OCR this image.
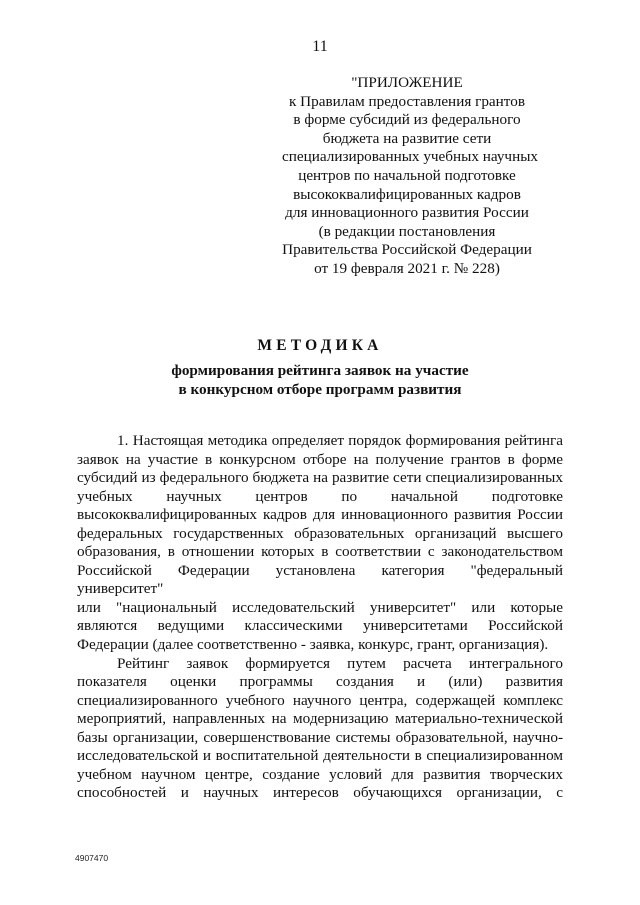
11
"ПРИЛОЖЕНИЕ
к Правилам предоставления грантов
в форме субсидий из федерального
бюджета на развитие сети
специализированных учебных научных
центров по начальной подготовке
высококвалифицированных кадров
для инновационного развития России
(в редакции постановления
Правительства Российской Федерации
от 19 февраля 2021 г. № 228)
МЕТОДИКА
формирования рейтинга заявок на участие
в конкурсном отборе программ развития
1. Настоящая методика определяет порядок формирования рейтинга
заявок на участие в конкурсном отборе на получение грантов в форме
субсидий из федерального бюджета на развитие сети специализированных
учебных научных центров по начальной подготовке
высококвалифицированных кадров для инновационного развития России
федеральных государственных образовательных организаций высшего
образования, в отношении которых в соответствии с законодательством
Российской Федерации установлена категория "федеральный университет"
или "национальный исследовательский университет" или которые
являются ведущими классическими университетами Российской
Федерации (далее соответственно - заявка, конкурс, грант, организация).
Рейтинг заявок формируется путем расчета интегрального
показателя оценки программы создания и (или) развития
специализированного учебного научного центра, содержащей комплекс
мероприятий, направленных на модернизацию материально-технической
базы организации, совершенствование системы образовательной, научно-
исследовательской и воспитательной деятельности в специализированном
учебном научном центре, создание условий для развития творческих
способностей и научных интересов обучающихся организации, с
4907470
